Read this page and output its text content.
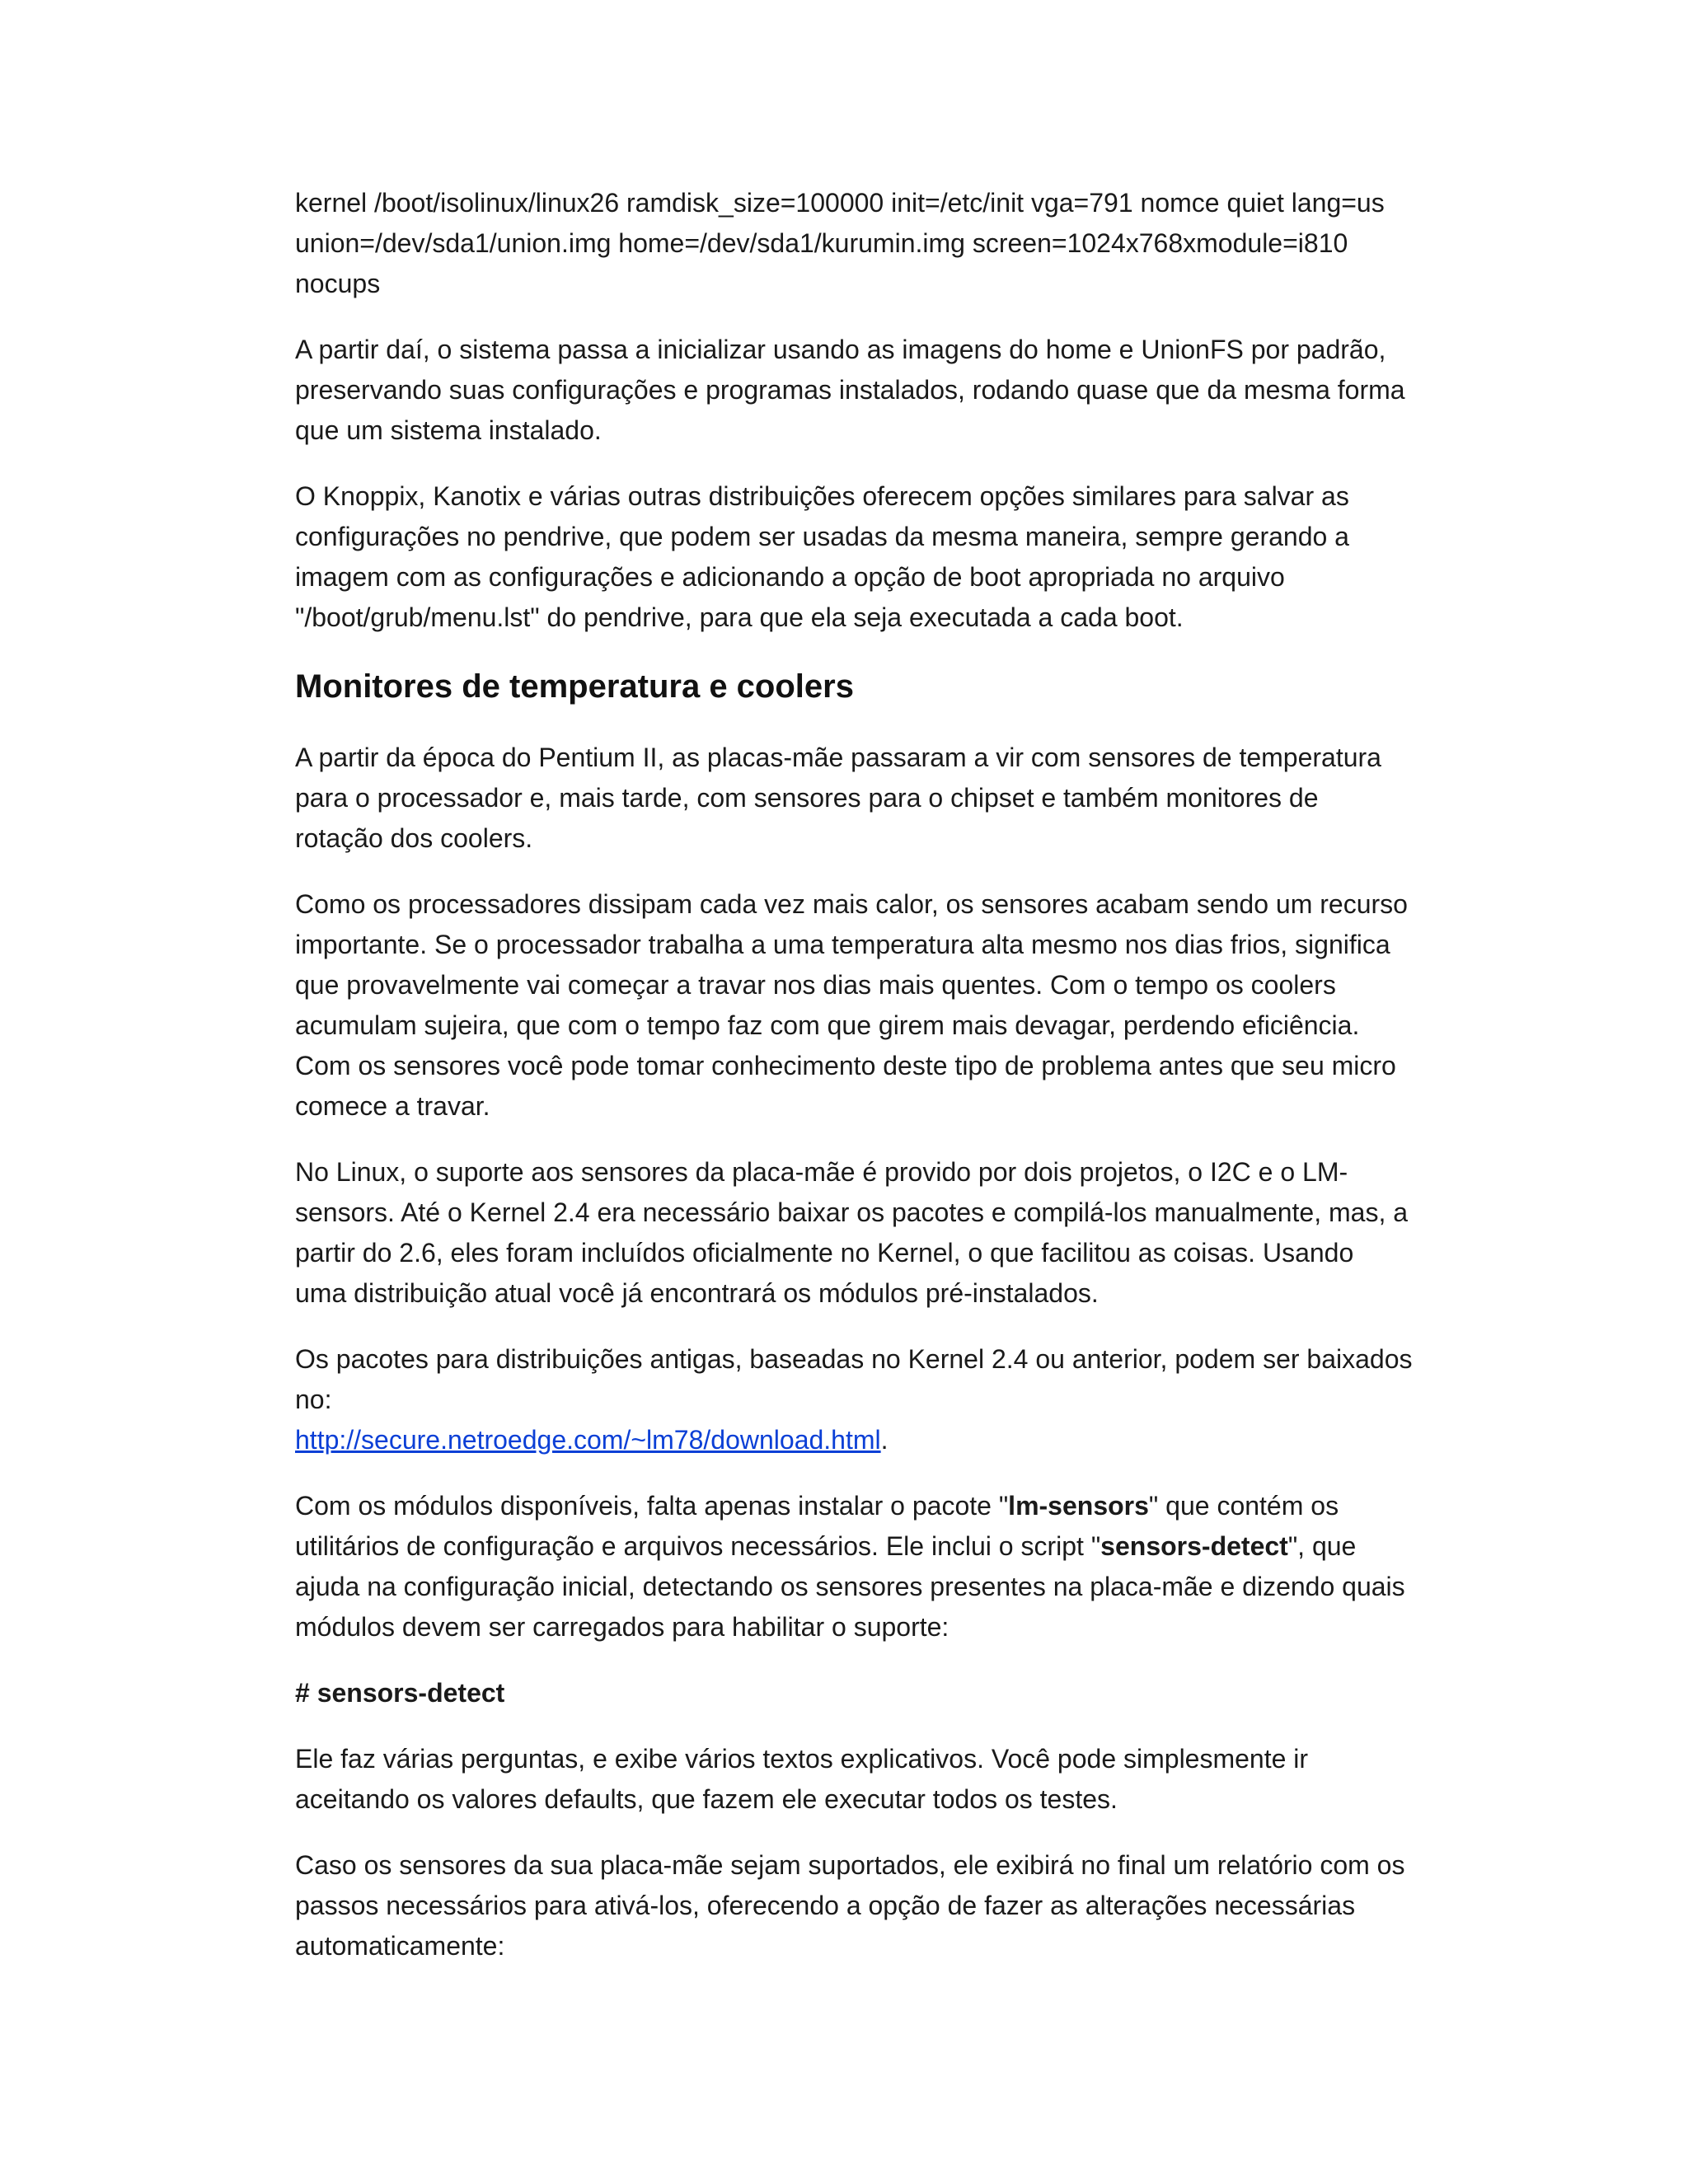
kernel /boot/isolinux/linux26 ramdisk_size=100000 init=/etc/init vga=791 nomce quiet lang=us
union=/dev/sda1/union.img home=/dev/sda1/kurumin.img screen=1024x768xmodule=i810
nocups

A partir daí, o sistema passa a inicializar usando as imagens do home e UnionFS por padrão,
preservando suas configurações e programas instalados, rodando quase que da mesma forma
que um sistema instalado.

O Knoppix, Kanotix e várias outras distribuições oferecem opções similares para salvar as
configurações no pendrive, que podem ser usadas da mesma maneira, sempre gerando a
imagem com as configurações e adicionando a opção de boot apropriada no arquivo
"/boot/grub/menu.lst" do pendrive, para que ela seja executada a cada boot.

Monitores de temperatura e coolers

A partir da época do Pentium II, as placas-mãe passaram a vir com sensores de temperatura
para o processador e, mais tarde, com sensores para o chipset e também monitores de
rotação dos coolers.

Como os processadores dissipam cada vez mais calor, os sensores acabam sendo um recurso
importante. Se o processador trabalha a uma temperatura alta mesmo nos dias frios, significa
que provavelmente vai começar a travar nos dias mais quentes. Com o tempo os coolers
acumulam sujeira, que com o tempo faz com que girem mais devagar, perdendo eficiência.
Com os sensores você pode tomar conhecimento deste tipo de problema antes que seu micro
comece a travar.

No Linux, o suporte aos sensores da placa-mãe é provido por dois projetos, o I2C e o LM-
sensors. Até o Kernel 2.4 era necessário baixar os pacotes e compilá-los manualmente, mas, a
partir do 2.6, eles foram incluídos oficialmente no Kernel, o que facilitou as coisas. Usando
uma distribuição atual você já encontrará os módulos pré-instalados.

Os pacotes para distribuições antigas, baseadas no Kernel 2.4 ou anterior, podem ser baixados
no:
http://secure.netroedge.com/~lm78/download.html.

Com os módulos disponíveis, falta apenas instalar o pacote "lm-sensors" que contém os
utilitários de configuração e arquivos necessários. Ele inclui o script "sensors-detect", que
ajuda na configuração inicial, detectando os sensores presentes na placa-mãe e dizendo quais
módulos devem ser carregados para habilitar o suporte:

# sensors-detect

Ele faz várias perguntas, e exibe vários textos explicativos. Você pode simplesmente ir
aceitando os valores defaults, que fazem ele executar todos os testes.

Caso os sensores da sua placa-mãe sejam suportados, ele exibirá no final um relatório com os
passos necessários para ativá-los, oferecendo a opção de fazer as alterações necessárias
automaticamente:
